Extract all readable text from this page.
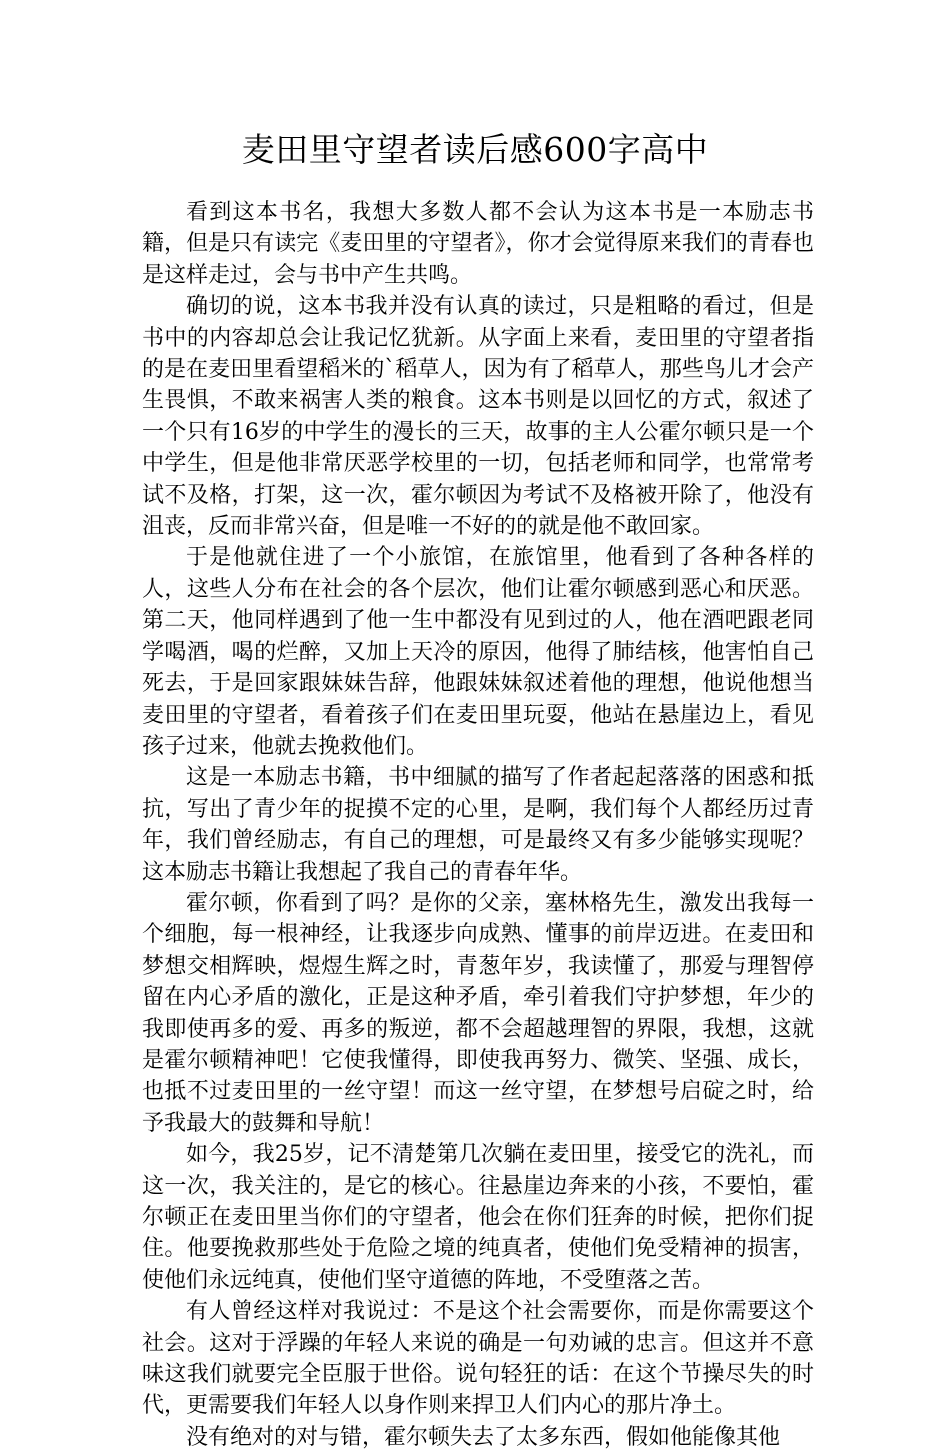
麦田里守望者读后感600字高中

看到这本书名，我想大多数人都不会认为这本书是一本励志书籍，但是只有读完《麦田里的守望者》，你才会觉得原来我们的青春也是这样走过，会与书中产生共鸣。

确切的说，这本书我并没有认真的读过，只是粗略的看过，但是书中的内容却总会让我记忆犹新。从字面上来看，麦田里的守望者指的是在麦田里看望稻米的`稻草人，因为有了稻草人，那些鸟儿才会产生畏惧，不敢来祸害人类的粮食。这本书则是以回忆的方式，叙述了一个只有16岁的中学生的漫长的三天，故事的主人公霍尔顿只是一个中学生，但是他非常厌恶学校里的一切，包括老师和同学，也常常考试不及格，打架，这一次，霍尔顿因为考试不及格被开除了，他没有沮丧，反而非常兴奋，但是唯一不好的的就是他不敢回家。

于是他就住进了一个小旅馆，在旅馆里，他看到了各种各样的人，这些人分布在社会的各个层次，他们让霍尔顿感到恶心和厌恶。第二天，他同样遇到了他一生中都没有见到过的人，他在酒吧跟老同学喝酒，喝的烂醉，又加上天冷的原因，他得了肺结核，他害怕自己死去，于是回家跟妹妹告辞，他跟妹妹叙述着他的理想，他说他想当麦田里的守望者，看着孩子们在麦田里玩耍，他站在悬崖边上，看见孩子过来，他就去挽救他们。

这是一本励志书籍，书中细腻的描写了作者起起落落的困惑和抵抗，写出了青少年的捉摸不定的心里，是啊，我们每个人都经历过青年，我们曾经励志，有自己的理想，可是最终又有多少能够实现呢？这本励志书籍让我想起了我自己的青春年华。

霍尔顿，你看到了吗？是你的父亲，塞林格先生，激发出我每一个细胞，每一根神经，让我逐步向成熟、懂事的前岸迈进。在麦田和梦想交相辉映，煜煜生辉之时，青葱年岁，我读懂了，那爱与理智停留在内心矛盾的激化，正是这种矛盾，牵引着我们守护梦想，年少的我即使再多的爱、再多的叛逆，都不会超越理智的界限，我想，这就是霍尔顿精神吧！它使我懂得，即使我再努力、微笑、坚强、成长，也抵不过麦田里的一丝守望！而这一丝守望，在梦想号启碇之时，给予我最大的鼓舞和导航！

如今，我25岁，记不清楚第几次躺在麦田里，接受它的洗礼，而这一次，我关注的，是它的核心。往悬崖边奔来的小孩，不要怕，霍尔顿正在麦田里当你们的守望者，他会在你们狂奔的时候，把你们捉住。他要挽救那些处于危险之境的纯真者，使他们免受精神的损害，使他们永远纯真，使他们坚守道德的阵地，不受堕落之苦。

有人曾经这样对我说过：不是这个社会需要你，而是你需要这个社会。这对于浮躁的年轻人来说的确是一句劝诫的忠言。但这并不意味这我们就要完全臣服于世俗。说句轻狂的话：在这个节操尽失的时代，更需要我们年轻人以身作则来捍卫人们内心的那片净土。

没有绝对的对与错，霍尔顿失去了太多东西，假如他能像其他
